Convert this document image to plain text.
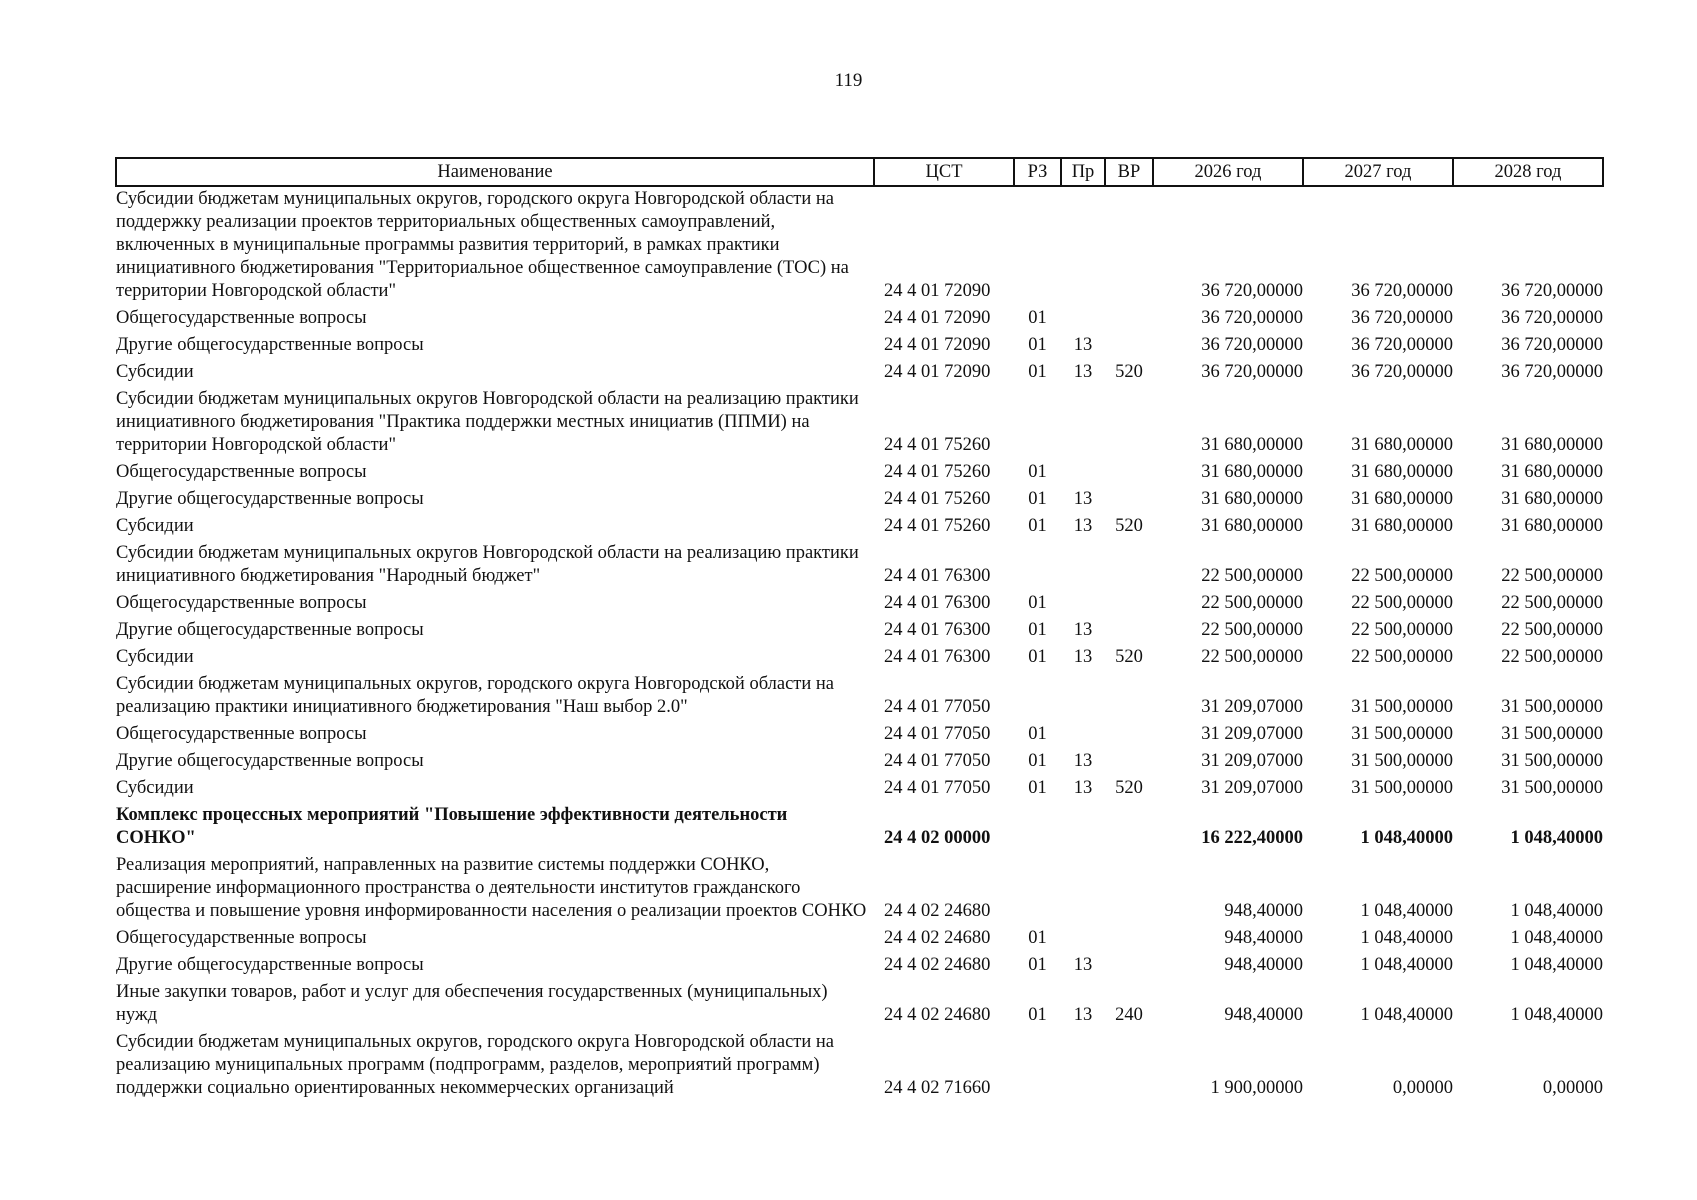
119
Наименование	ЦСТ	РЗ	Пр	ВР	2026 год	2027 год	2028 год
Субсидии бюджетам муниципальных округов, городского округа Новгородской области на поддержку реализации проектов территориальных общественных самоуправлений, включенных в муниципальные программы развития территорий, в рамках практики инициативного бюджетирования "Территориальное общественное самоуправление (ТОС) на территории Новгородской области"	24 4 01 72090				36 720,00000	36 720,00000	36 720,00000
Общегосударственные вопросы	24 4 01 72090	01			36 720,00000	36 720,00000	36 720,00000
Другие общегосударственные вопросы	24 4 01 72090	01	13		36 720,00000	36 720,00000	36 720,00000
Субсидии	24 4 01 72090	01	13	520	36 720,00000	36 720,00000	36 720,00000
Субсидии бюджетам муниципальных округов Новгородской области на реализацию практики инициативного бюджетирования "Практика поддержки местных инициатив (ППМИ) на территории Новгородской области"	24 4 01 75260				31 680,00000	31 680,00000	31 680,00000
Общегосударственные вопросы	24 4 01 75260	01			31 680,00000	31 680,00000	31 680,00000
Другие общегосударственные вопросы	24 4 01 75260	01	13		31 680,00000	31 680,00000	31 680,00000
Субсидии	24 4 01 75260	01	13	520	31 680,00000	31 680,00000	31 680,00000
Субсидии бюджетам муниципальных округов Новгородской области на реализацию практики инициативного бюджетирования "Народный бюджет"	24 4 01 76300				22 500,00000	22 500,00000	22 500,00000
Общегосударственные вопросы	24 4 01 76300	01			22 500,00000	22 500,00000	22 500,00000
Другие общегосударственные вопросы	24 4 01 76300	01	13		22 500,00000	22 500,00000	22 500,00000
Субсидии	24 4 01 76300	01	13	520	22 500,00000	22 500,00000	22 500,00000
Субсидии бюджетам муниципальных округов, городского округа Новгородской области на реализацию практики инициативного бюджетирования "Наш выбор 2.0"	24 4 01 77050				31 209,07000	31 500,00000	31 500,00000
Общегосударственные вопросы	24 4 01 77050	01			31 209,07000	31 500,00000	31 500,00000
Другие общегосударственные вопросы	24 4 01 77050	01	13		31 209,07000	31 500,00000	31 500,00000
Субсидии	24 4 01 77050	01	13	520	31 209,07000	31 500,00000	31 500,00000
Комплекс процессных мероприятий "Повышение эффективности деятельности СОНКО"	24 4 02 00000				16 222,40000	1 048,40000	1 048,40000
Реализация мероприятий, направленных на развитие системы поддержки СОНКО, расширение информационного пространства о деятельности институтов гражданского общества и повышение уровня информированности населения о реализации проектов СОНКО	24 4 02 24680				948,40000	1 048,40000	1 048,40000
Общегосударственные вопросы	24 4 02 24680	01			948,40000	1 048,40000	1 048,40000
Другие общегосударственные вопросы	24 4 02 24680	01	13		948,40000	1 048,40000	1 048,40000
Иные закупки товаров, работ и услуг для обеспечения государственных (муниципальных) нужд	24 4 02 24680	01	13	240	948,40000	1 048,40000	1 048,40000
Субсидии бюджетам муниципальных округов, городского округа Новгородской области на реализацию муниципальных программ (подпрограмм, разделов, мероприятий программ) поддержки социально ориентированных некоммерческих организаций	24 4 02 71660				1 900,00000	0,00000	0,00000
